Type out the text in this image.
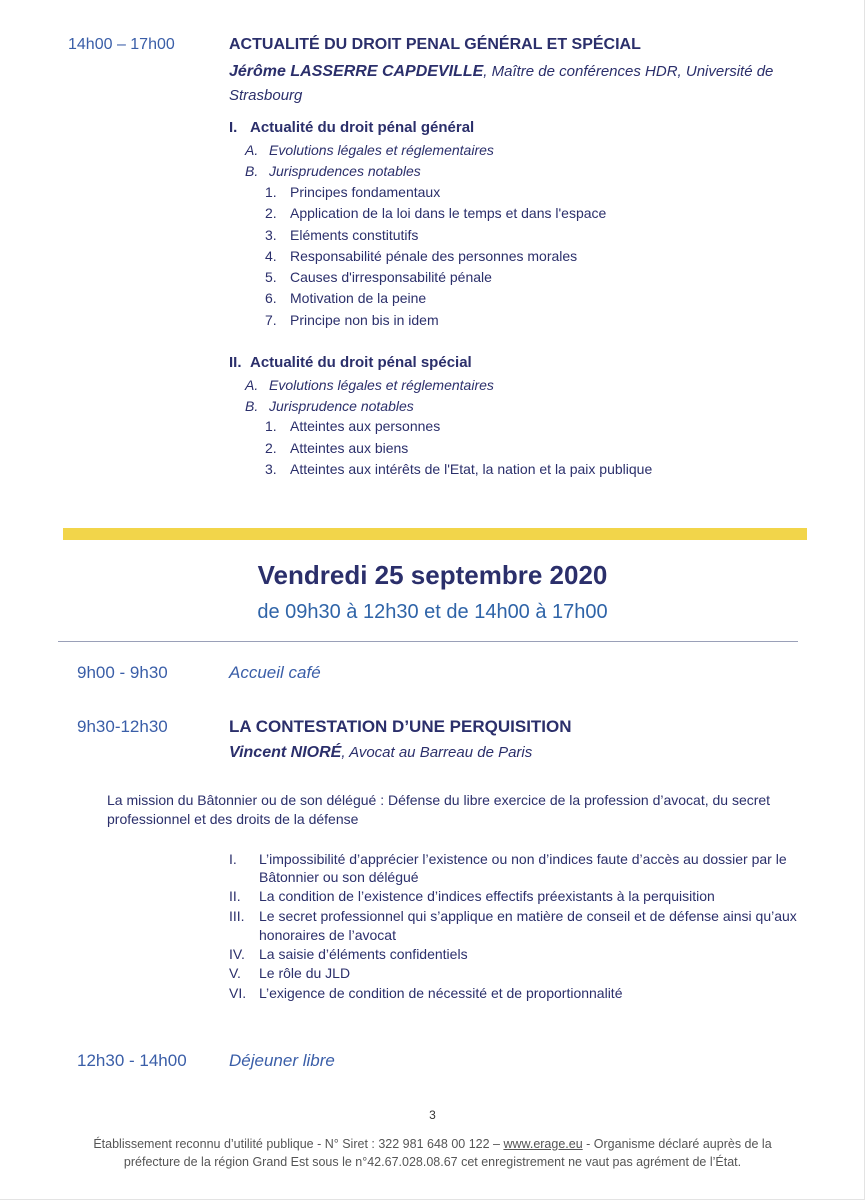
14h00 – 17h00	ACTUALITÉ DU DROIT PENAL GÉNÉRAL ET SPÉCIAL
Jérôme LASSERRE CAPDEVILLE, Maître de conférences HDR, Université de
Strasbourg
I. Actualité du droit pénal général
A. Evolutions légales et réglementaires
B. Jurisprudences notables
1. Principes fondamentaux
2. Application de la loi dans le temps et dans l'espace
3. Eléments constitutifs
4. Responsabilité pénale des personnes morales
5. Causes d'irresponsabilité pénale
6. Motivation de la peine
7. Principe non bis in idem
II. Actualité du droit pénal spécial
A. Evolutions légales et réglementaires
B. Jurisprudence notables
1. Atteintes aux personnes
2. Atteintes aux biens
3. Atteintes aux intérêts de l'Etat, la nation et la paix publique
Vendredi 25 septembre 2020
de 09h30 à 12h30 et de 14h00 à 17h00
9h00 - 9h30	Accueil café
9h30-12h30	LA CONTESTATION D’UNE PERQUISITION
Vincent NIORÉ, Avocat au Barreau de Paris
La mission du Bâtonnier ou de son délégué : Défense du libre exercice de la profession d’avocat, du secret
professionnel et des droits de la défense
I. L’impossibilité d’apprécier l’existence ou non d’indices faute d’accès au dossier par le
Bâtonnier ou son délégué
II. La condition de l’existence d’indices effectifs préexistants à la perquisition
III. Le secret professionnel qui s’applique en matière de conseil et de défense ainsi qu’aux
honoraires de l’avocat
IV. La saisie d’éléments confidentiels
V. Le rôle du JLD
VI. L’exigence de condition de nécessité et de proportionnalité
12h30 - 14h00 Déjeuner libre
3
Établissement reconnu d’utilité publique - N° Siret : 322 981 648 00 122 – www.erage.eu - Organisme déclaré auprès de la
préfecture de la région Grand Est sous le n°42.67.028.08.67 cet enregistrement ne vaut pas agrément de l’État.
